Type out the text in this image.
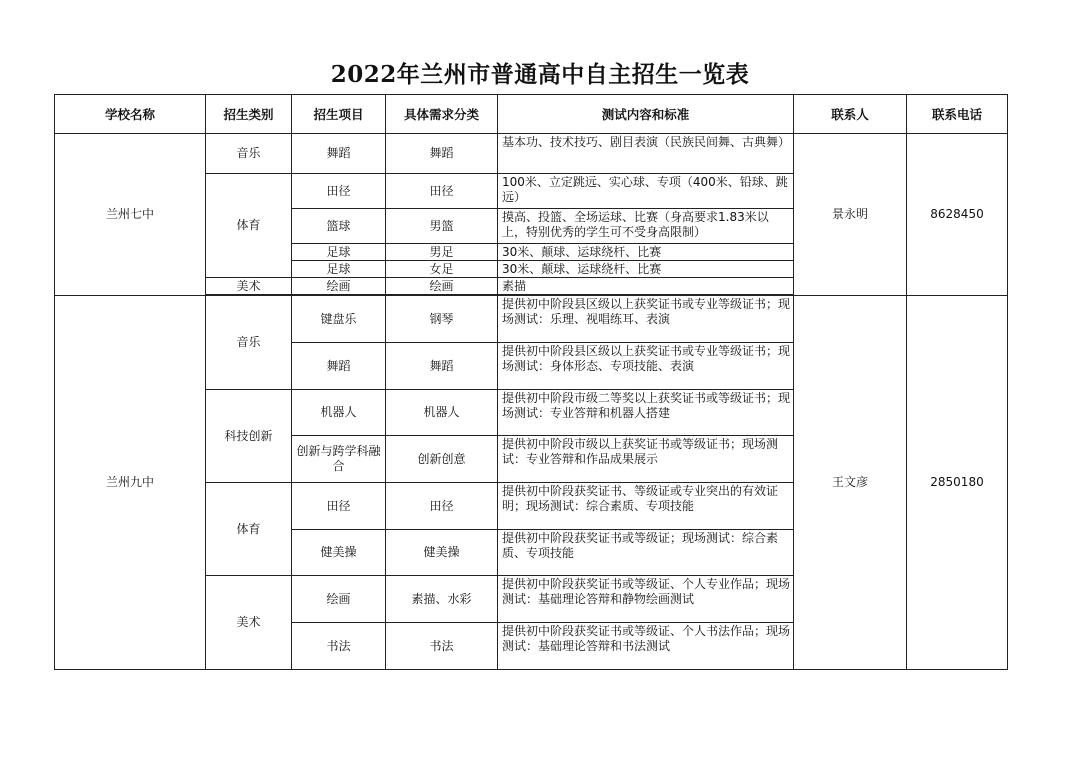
2022年兰州市普通高中自主招生一览表
学校名称	招生类别	招生项目	具体需求分类	测试内容和标准	联系人	联系电话
兰州七中	音乐	舞蹈	舞蹈	基本功、技术技巧、剧目表演（民族民间舞、古典舞）	景永明	8628450
	体育	田径	田径	100米、立定跳远、实心球、专项（400米、铅球、跳远）		

		篮球	男篮	摸高、投篮、全场运球、比赛（身高要求1.83米以上，特别优秀的学生可不受身高限制）		

		足球	男足	30米、颠球、运球绕杆、比赛		

		足球	女足	30米、颠球、运球绕杆、比赛		

	美术	绘画	绘画	素描		

兰州九中	音乐	键盘乐	钢琴	提供初中阶段县区级以上获奖证书或专业等级证书；现场测试：乐理、视唱练耳、表演	王文彦	2850180
		舞蹈	舞蹈	提供初中阶段县区级以上获奖证书或专业等级证书；现场测试：身体形态、专项技能、表演		

	科技创新	机器人	机器人	提供初中阶段市级二等奖以上获奖证书或等级证书；现场测试：专业答辩和机器人搭建		

		创新与跨学科融合	创新创意	提供初中阶段市级以上获奖证书或等级证书；现场测试：专业答辩和作品成果展示		

	体育	田径	田径	提供初中阶段获奖证书、等级证或专业突出的有效证明；现场测试：综合素质、专项技能		

		健美操	健美操	提供初中阶段获奖证书或等级证；现场测试：综合素质、专项技能		

	美术	绘画	素描、水彩	提供初中阶段获奖证书或等级证、个人专业作品；现场测试：基础理论答辩和静物绘画测试		

		书法	书法	提供初中阶段获奖证书或等级证、个人书法作品；现场测试：基础理论答辩和书法测试		
